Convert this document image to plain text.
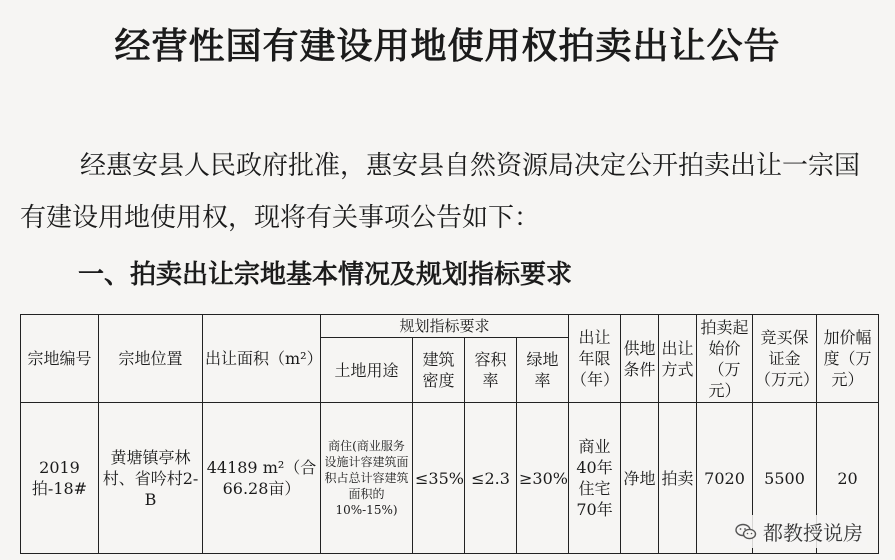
经营性国有建设用地使用权拍卖出让公告
经惠安县人民政府批准，惠安县自然资源局决定公开拍卖出让一宗国有建设用地使用权，现将有关事项公告如下：
一、拍卖出让宗地基本情况及规划指标要求
宗地编号	宗地位置	出让面积（m²）	规划指标要求				出让年限（年）	供地条件	出让方式	拍卖起始价（万元）	竞买保证金（万元）	加价幅度（万元）
			土地用途	建筑密度	容积率	绿地率						
2019拍-18#	黄塘镇亭林村、省吟村2-B	44189 m²（合66.28亩）	商住(商业服务设施计容建筑面积占总计容建筑面积的10%-15%)	≤35%	≤2.3	≥30%	商业40年住宅70年	净地	拍卖	7020	5500	20
都教授说房
